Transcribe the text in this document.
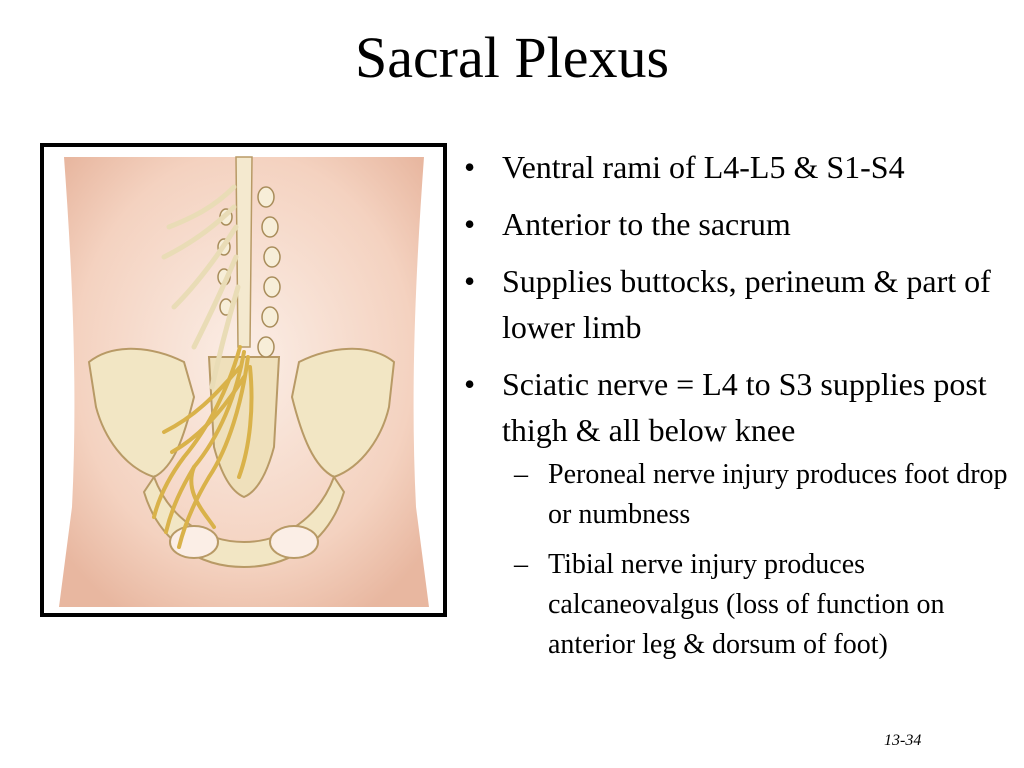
Sacral Plexus
• Ventral rami of L4-L5 & S1-S4
• Anterior to the sacrum
• Supplies buttocks, perineum & part of lower limb
• Sciatic nerve = L4 to S3 supplies post thigh & all below knee
– Peroneal nerve injury produces foot drop or numbness
– Tibial nerve injury produces calcaneovalgus (loss of function on anterior leg & dorsum of foot)
13-34
